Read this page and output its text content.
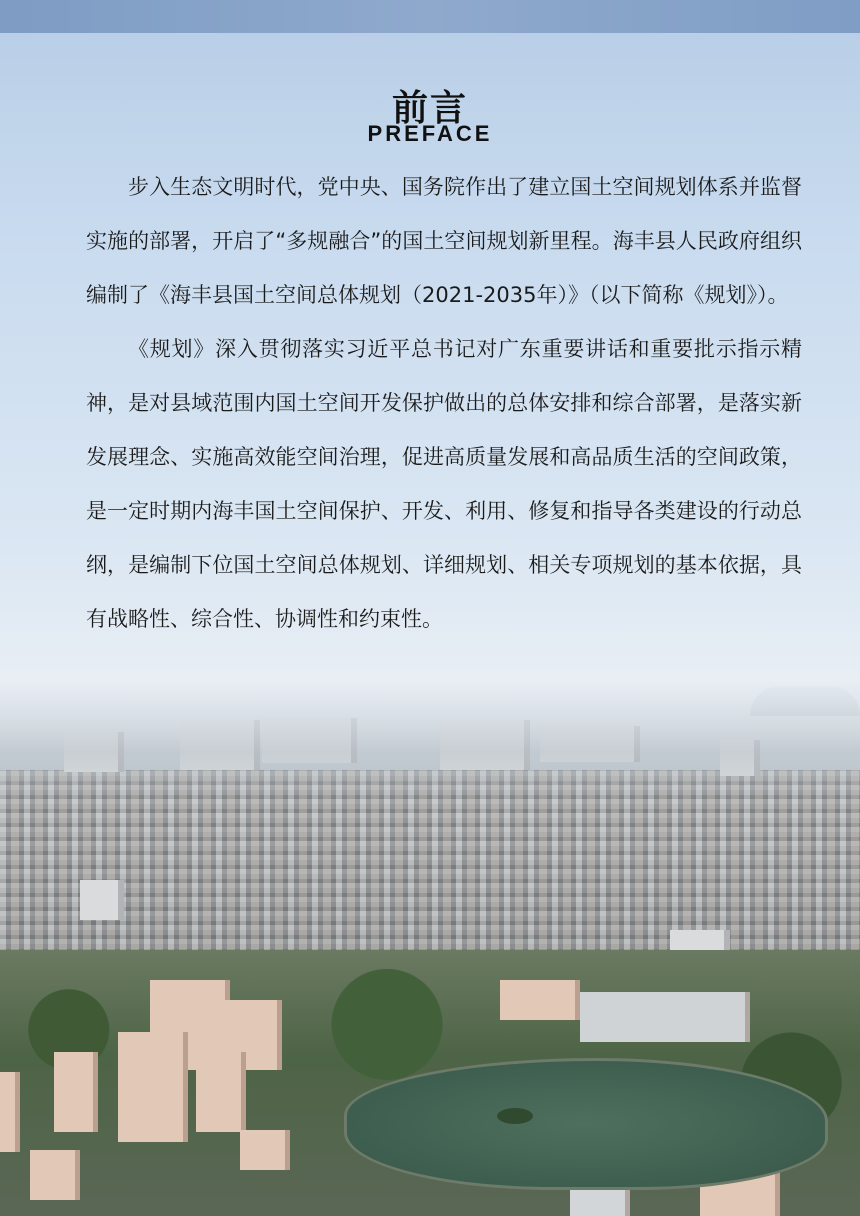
前言
PREFACE

步入生态文明时代，党中央、国务院作出了建立国土空间规划体系并监督实施的部署，开启了“多规融合”的国土空间规划新里程。海丰县人民政府组织编制了《海丰县国土空间总体规划（2021-2035年）》（以下简称《规划》）。

《规划》深入贯彻落实习近平总书记对广东重要讲话和重要批示指示精神，是对县域范围内国土空间开发保护做出的总体安排和综合部署，是落实新发展理念、实施高效能空间治理，促进高质量发展和高品质生活的空间政策，是一定时期内海丰国土空间保护、开发、利用、修复和指导各类建设的行动总纲，是编制下位国土空间总体规划、详细规划、相关专项规划的基本依据，具有战略性、综合性、协调性和约束性。
